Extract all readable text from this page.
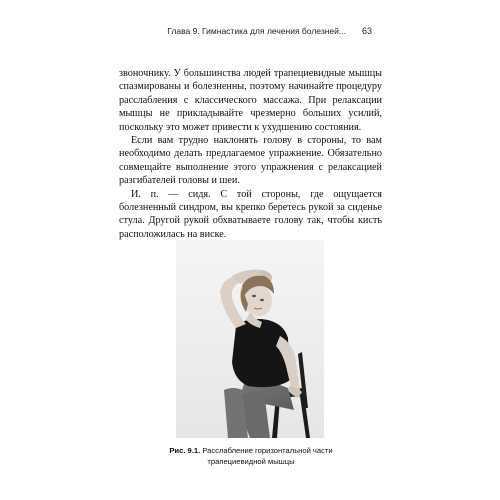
Глава 9. Гимнастика для лечения болезней... 63

звоночнику. У большинства людей трапециевидные мышцы спазмированы и болезненны, поэтому начинайте процедуру расслабления с классического массажа. При релаксации мышцы не прикладывайте чрезмерно больших усилий, поскольку это может привести к ухудшению состояния.

Если вам трудно наклонять голову в стороны, то вам необходимо делать предлагаемое упражнение. Обязательно совмещайте выполнение этого упражнения с релаксацией разгибателей головы и шеи.

И. п. — сидя. С той стороны, где ощущается болезненный синдром, вы крепко беретесь рукой за сиденье стула. Другой рукой обхватываете голову так, чтобы кисть расположилась на виске.

Рис. 9.1. Расслабление горизонтальной части трапециевидной мышцы
